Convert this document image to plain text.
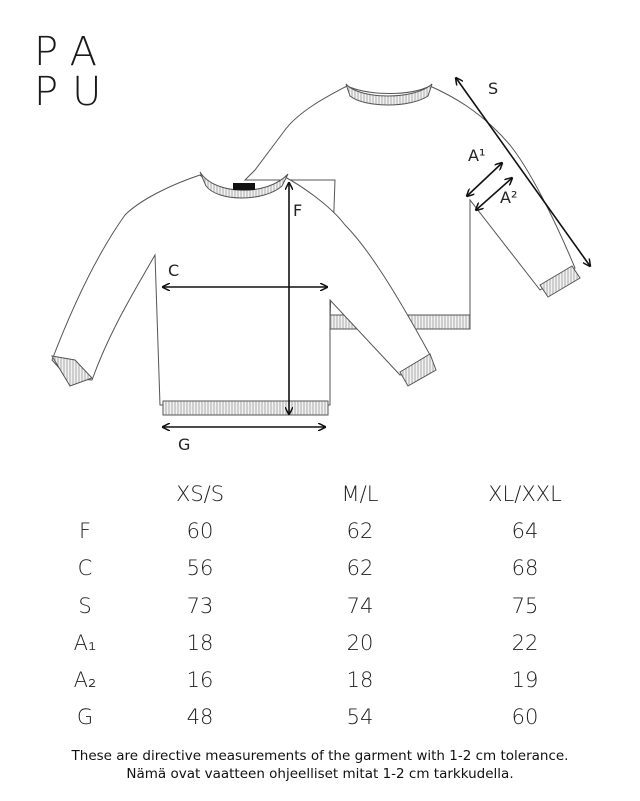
PA
PU	S
A¹
A²
F
C
G
XS/S	M/L	XL/XXL
F	60	62	64
C	56	62	68
S	73	74	75
A₁	18	20	22
A₂	16	18	19
G	48	54	60
These are directive measurements of the garment with 1-2 cm tolerance.
Nämä ovat vaatteen ohjeelliset mitat 1-2 cm tarkkudella.
